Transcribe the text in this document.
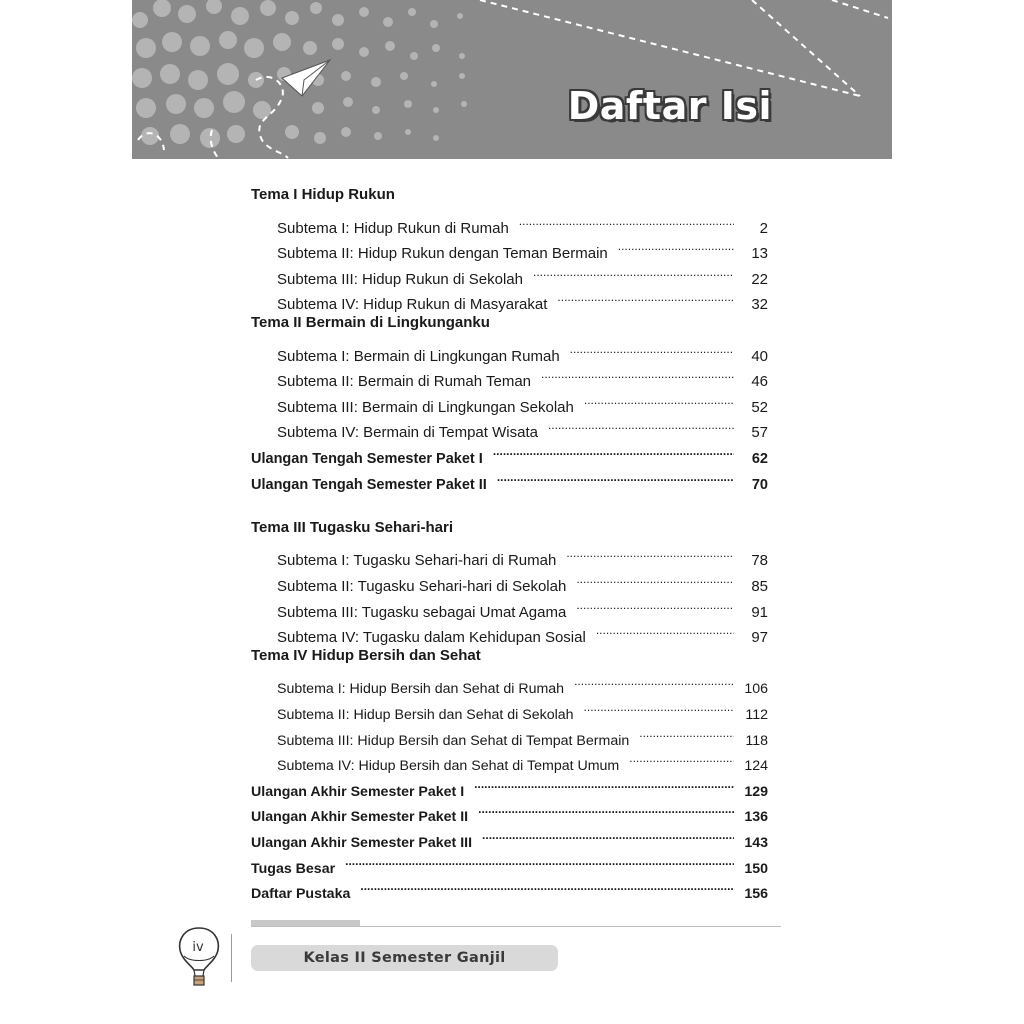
Daftar Isi
Tema I Hidup Rukun
Subtema I: Hidup Rukun di Rumah .....	2
Subtema II: Hidup Rukun dengan Teman Bermain .....	13
Subtema III: Hidup Rukun di Sekolah .....	22
Subtema IV: Hidup Rukun di Masyarakat .....	32
Tema II Bermain di Lingkunganku
Subtema I: Bermain di Lingkungan Rumah .....	40
Subtema II: Bermain di Rumah Teman .....	46
Subtema III: Bermain di Lingkungan Sekolah .....	52
Subtema IV: Bermain di Tempat Wisata .....	57
Ulangan Tengah Semester Paket I .....	62
Ulangan Tengah Semester Paket II .....	70
Tema III Tugasku Sehari-hari
Subtema I: Tugasku Sehari-hari di Rumah .....	78
Subtema II: Tugasku Sehari-hari di Sekolah .....	85
Subtema III: Tugasku sebagai Umat Agama .....	91
Subtema IV: Tugasku dalam Kehidupan Sosial .....	97
Tema IV Hidup Bersih dan Sehat
Subtema I: Hidup Bersih dan Sehat di Rumah .....	106
Subtema II: Hidup Bersih dan Sehat di Sekolah .....	112
Subtema III: Hidup Bersih dan Sehat di Tempat Bermain .....	118
Subtema IV: Hidup Bersih dan Sehat di Tempat Umum .....	124
Ulangan Akhir Semester Paket I .....	129
Ulangan Akhir Semester Paket II .....	136
Ulangan Akhir Semester Paket III .....	143
Tugas Besar .....	150
Daftar Pustaka .....	156
iv
Kelas II Semester Ganjil
